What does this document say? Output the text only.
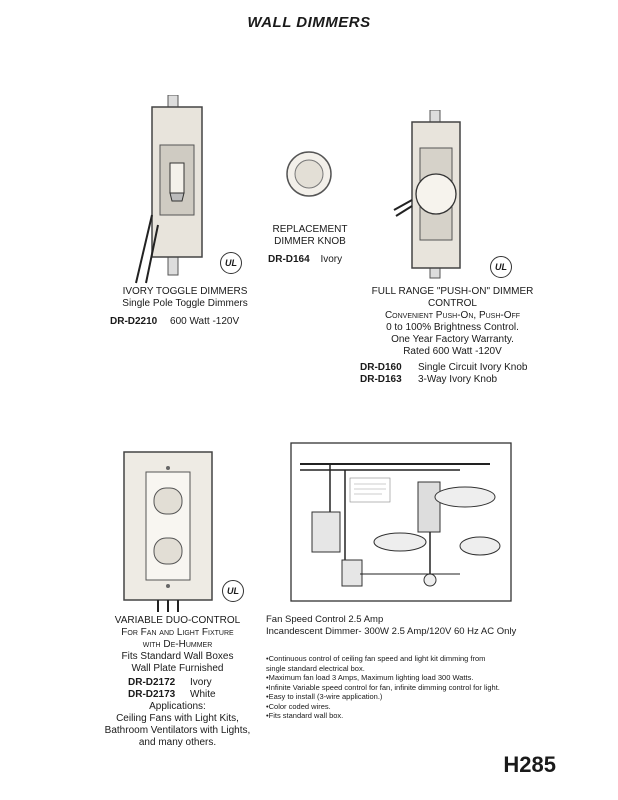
WALL DIMMERS
UL
IVORY TOGGLE DIMMERS
Single Pole Toggle Dimmers
DR-D2210 600 Watt -120V
REPLACEMENT
DIMMER KNOB
DR-D164 Ivory
UL
FULL RANGE "PUSH-ON" DIMMER
CONTROL
Convenient Push-On, Push-Off
0 to 100% Brightness Control.
One Year Factory Warranty.
Rated 600 Watt -120V
DR-D160 Single Circuit Ivory Knob
DR-D163 3-Way Ivory Knob
UL
VARIABLE DUO-CONTROL
For Fan and Light Fixture
with De-Hummer
Fits Standard Wall Boxes
Wall Plate Furnished
DR-D2172 Ivory
DR-D2173 White
Applications:
Ceiling Fans with Light Kits,
Bathroom Ventilators with Lights,
and many others.
Fan Speed Control 2.5 Amp
Incandescent Dimmer- 300W 2.5 Amp/120V 60 Hz AC Only
•Continuous control of ceiling fan speed and light kit dimming from
single standard electrical box.
•Maximum fan load 3 Amps, Maximum lighting load 300 Watts.
•Infinite Variable speed control for fan, infinite dimming control for light.
•Easy to install (3-wire application.)
•Color coded wires.
•Fits standard wall box.
H285
